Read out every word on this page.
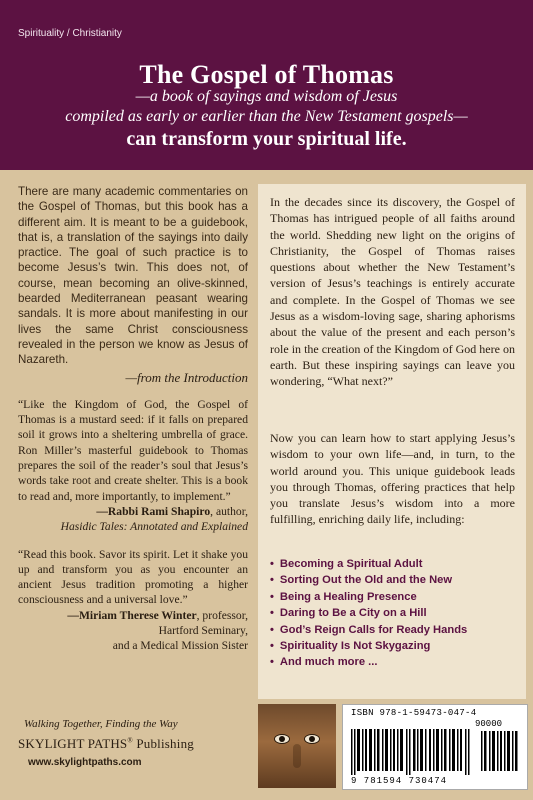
Spirituality / Christianity
The Gospel of Thomas
—a book of sayings and wisdom of Jesus
compiled as early or earlier than the New Testament gospels—
can transform your spiritual life.
There are many academic commentaries on the Gospel of Thomas, but this book has a different aim. It is meant to be a guidebook, that is, a translation of the sayings into daily practice. The goal of such practice is to become Jesus’s twin. This does not, of course, mean becoming an olive-skinned, bearded Mediterranean peasant wearing sandals. It is more about manifesting in our lives the same Christ consciousness revealed in the person we know as Jesus of Nazareth.
—from the Introduction
“Like the Kingdom of God, the Gospel of Thomas is a mustard seed: if it falls on prepared soil it grows into a sheltering umbrella of grace. Ron Miller’s masterful guidebook to Thomas prepares the soil of the reader’s soul that Jesus’s words take root and create shelter. This is a book to read and, more importantly, to implement.”
—Rabbi Rami Shapiro, author,
Hasidic Tales: Annotated and Explained
“Read this book. Savor its spirit. Let it shake you up and transform you as you encounter an ancient Jesus tradition promoting a higher consciousness and a universal love.”
—Miriam Therese Winter, professor,
Hartford Seminary,
and a Medical Mission Sister
In the decades since its discovery, the Gospel of Thomas has intrigued people of all faiths around the world. Shedding new light on the origins of Christianity, the Gospel of Thomas raises questions about whether the New Testament’s version of Jesus’s teachings is entirely accurate and complete. In the Gospel of Thomas we see Jesus as a wisdom-loving sage, sharing aphorisms about the value of the present and each person’s role in the creation of the Kingdom of God here on earth. But these inspiring sayings can leave you wondering, “What next?”
Now you can learn how to start applying Jesus’s wisdom to your own life—and, in turn, to the world around you. This unique guidebook leads you through Thomas, offering practices that help you translate Jesus’s wisdom into a more fulfilling, enriching daily life, including:
• Becoming a Spiritual Adult
• Sorting Out the Old and the New
• Being a Healing Presence
• Daring to Be a City on a Hill
• God’s Reign Calls for Ready Hands
• Spirituality Is Not Skygazing
• And much more ...
Walking Together, Finding the Way
SKYLIGHT PATHS® Publishing
www.skylightpaths.com
ISBN 978-1-59473-047-4
90000
9 781594 730474
